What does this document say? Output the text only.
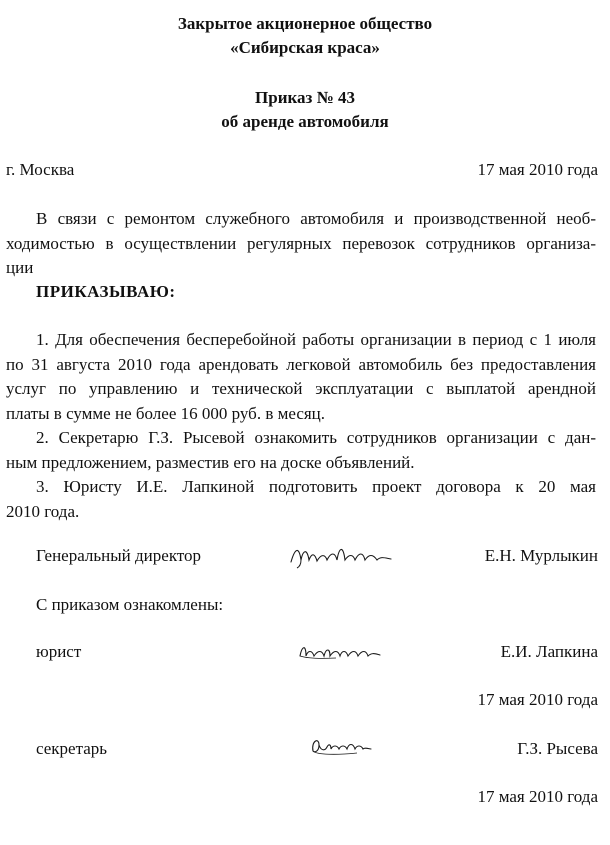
Закрытое акционерное общество
«Сибирская краса»
Приказ № 43
об аренде автомобиля
г. Москва	17 мая 2010 года
В связи с ремонтом служебного автомобиля и производственной необ-
ходимостью в осуществлении регулярных перевозок сотрудников организа-
ции
ПРИКАЗЫВАЮ:
1. Для обеспечения бесперебойной работы организации в период с 1 июля
по 31 августа 2010 года арендовать легковой автомобиль без предоставления
услуг по управлению и технической эксплуатации с выплатой арендной
платы в сумме не более 16 000 руб. в месяц.
2. Секретарю Г.З. Рысевой ознакомить сотрудников организации с дан-
ным предложением, разместив его на доске объявлений.
3. Юристу И.Е. Лапкиной подготовить проект договора к 20 мая
2010 года.
Генеральный директор	Е.Н. Мурлыкин
С приказом ознакомлены:
юрист	Е.И. Лапкина
17 мая 2010 года
секретарь	Г.З. Рысева
17 мая 2010 года
